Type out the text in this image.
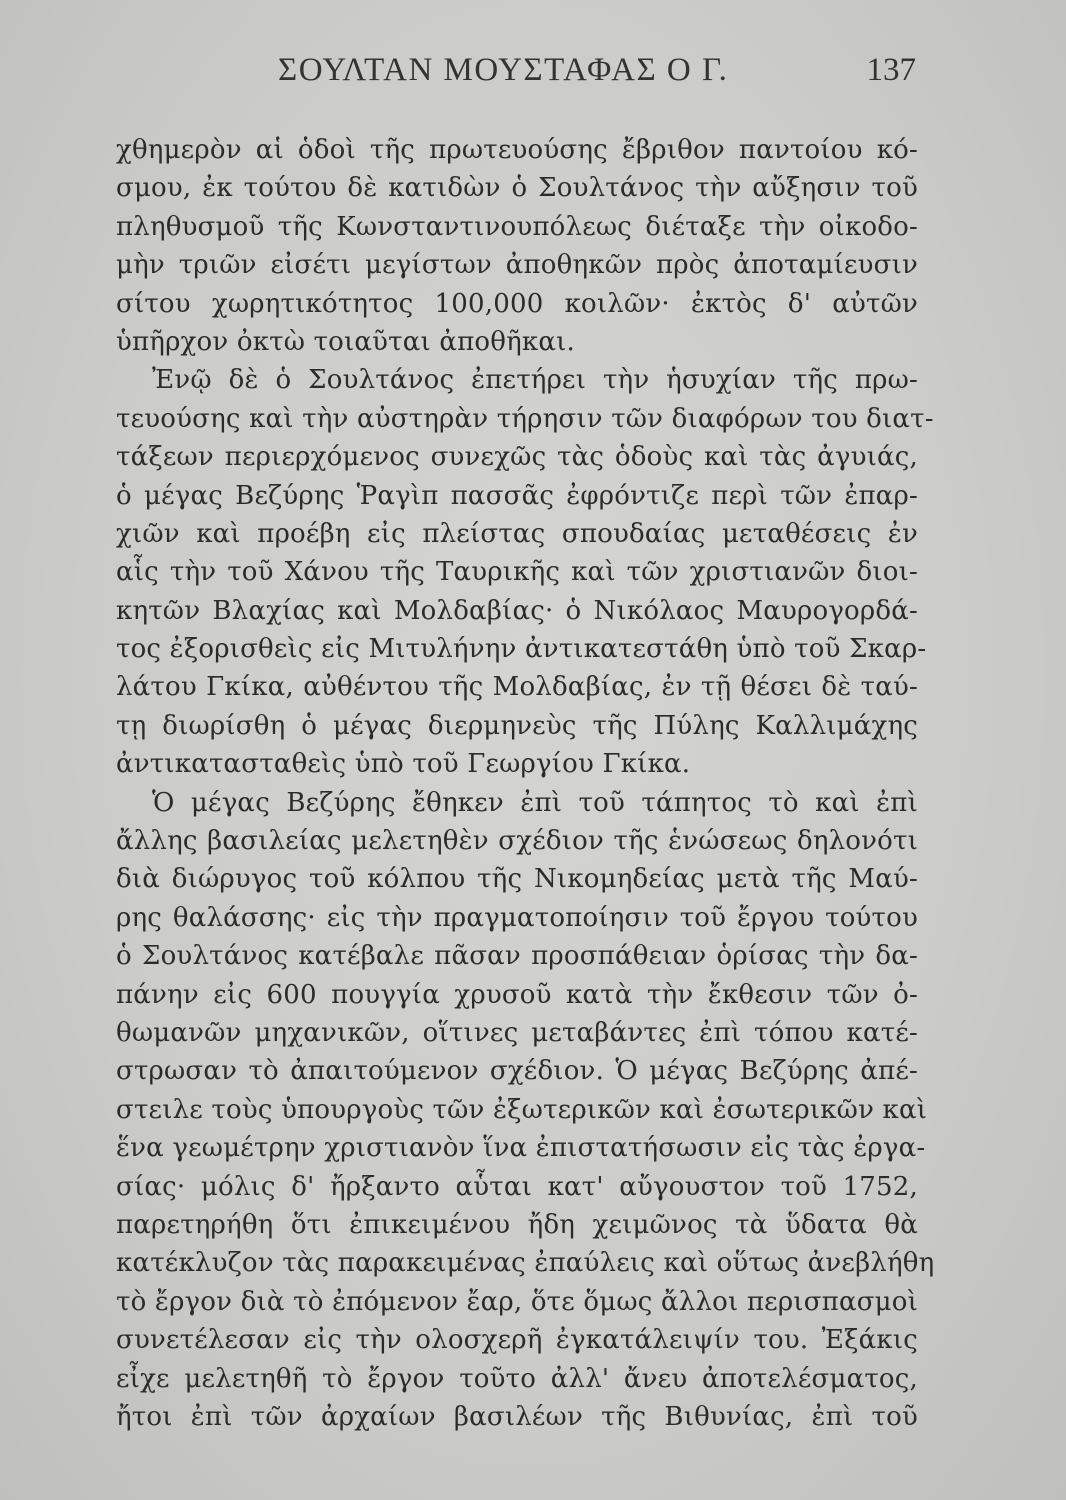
ΣΟΥΛΤΑΝ ΜΟΥΣΤΑΦΑΣ Ο Γ.	137
χθημερὸν αἱ ὁδοὶ τῆς πρωτευούσης ἔβριθον παντοίου κό-
σμου, ἐκ τούτου δὲ κατιδὼν ὁ Σουλτάνος τὴν αὔξησιν τοῦ
πληθυσμοῦ τῆς Κωνσταντινουπόλεως διέταξε τὴν οἰκοδο-
μὴν τριῶν εἰσέτι μεγίστων ἀποθηκῶν πρὸς ἀποταμίευσιν
σίτου χωρητικότητος 100,000 κοιλῶν· ἐκτὸς δ' αὐτῶν
ὑπῆρχον ὀκτὼ τοιαῦται ἀποθῆκαι.
Ἐνῷ δὲ ὁ Σουλτάνος ἐπετήρει τὴν ἡσυχίαν τῆς πρω-
τευούσης καὶ τὴν αὐστηρὰν τήρησιν τῶν διαφόρων του διατ-
τάξεων περιερχόμενος συνεχῶς τὰς ὁδοὺς καὶ τὰς ἀγυιάς,
ὁ μέγας Βεζύρης Ῥαγὶπ πασσᾶς ἐφρόντιζε περὶ τῶν ἐπαρ-
χιῶν καὶ προέβη εἰς πλείστας σπουδαίας μεταθέσεις ἐν
αἷς τὴν τοῦ Χάνου τῆς Ταυρικῆς καὶ τῶν χριστιανῶν διοι-
κητῶν Βλαχίας καὶ Μολδαβίας· ὁ Νικόλαος Μαυρογορδά-
τος ἐξορισθεὶς εἰς Μιτυλήνην ἀντικατεστάθη ὑπὸ τοῦ Σκαρ-
λάτου Γκίκα, αὐθέντου τῆς Μολδαβίας, ἐν τῇ θέσει δὲ ταύ-
τῃ διωρίσθη ὁ μέγας διερμηνεὺς τῆς Πύλης Καλλιμάχης
ἀντικατασταθεὶς ὑπὸ τοῦ Γεωργίου Γκίκα.
Ὁ μέγας Βεζύρης ἔθηκεν ἐπὶ τοῦ τάπητος τὸ καὶ ἐπὶ
ἄλλης βασιλείας μελετηθὲν σχέδιον τῆς ἑνώσεως δηλονότι
διὰ διώρυγος τοῦ κόλπου τῆς Νικομηδείας μετὰ τῆς Μαύ-
ρης θαλάσσης· εἰς τὴν πραγματοποίησιν τοῦ ἔργου τούτου
ὁ Σουλτάνος κατέβαλε πᾶσαν προσπάθειαν ὁρίσας τὴν δα-
πάνην εἰς 600 πουγγία χρυσοῦ κατὰ τὴν ἔκθεσιν τῶν ὀ-
θωμανῶν μηχανικῶν, οἵτινες μεταβάντες ἐπὶ τόπου κατέ-
στρωσαν τὸ ἀπαιτούμενον σχέδιον. Ὁ μέγας Βεζύρης ἀπέ-
στειλε τοὺς ὑπουργοὺς τῶν ἐξωτερικῶν καὶ ἐσωτερικῶν καὶ
ἕνα γεωμέτρην χριστιανὸν ἵνα ἐπιστατήσωσιν εἰς τὰς ἐργα-
σίας· μόλις δ' ἤρξαντο αὗται κατ' αὔγουστον τοῦ 1752,
παρετηρήθη ὅτι ἐπικειμένου ἤδη χειμῶνος τὰ ὕδατα θὰ
κατέκλυζον τὰς παρακειμένας ἐπαύλεις καὶ οὕτως ἀνεβλήθη
τὸ ἔργον διὰ τὸ ἐπόμενον ἔαρ, ὅτε ὅμως ἄλλοι περισπασμοὶ
συνετέλεσαν εἰς τὴν ολοσχερῆ ἐγκατάλειψίν του. Ἐξάκις
εἶχε μελετηθῆ τὸ ἔργον τοῦτο ἀλλ' ἄνευ ἀποτελέσματος,
ἤτοι ἐπὶ τῶν ἀρχαίων βασιλέων τῆς Βιθυνίας, ἐπὶ τοῦ
